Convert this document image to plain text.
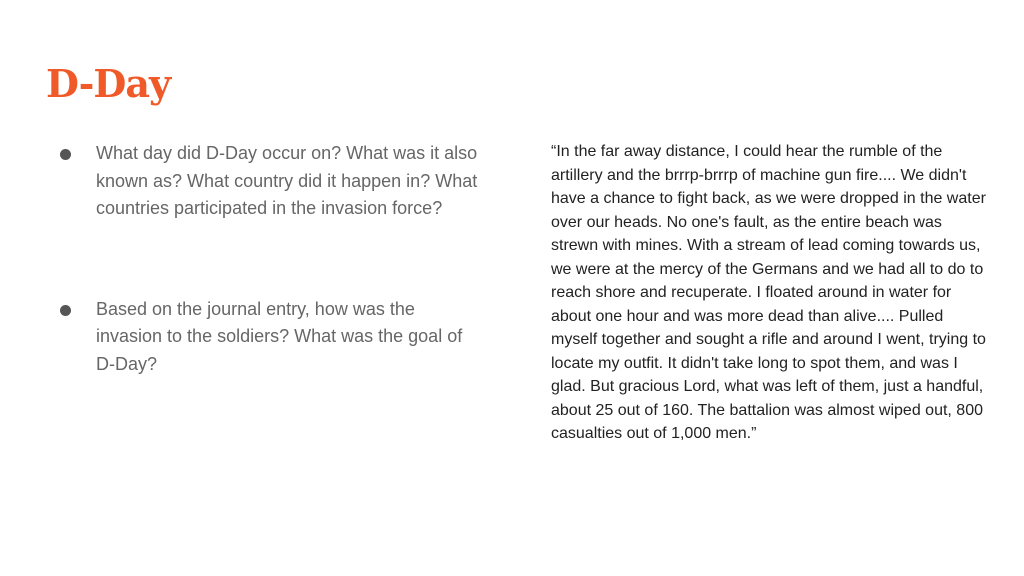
D-Day
What day did D-Day occur on? What was it also known as? What country did it happen in? What countries participated in the invasion force?
Based on the journal entry, how was the invasion to the soldiers? What was the goal of D-Day?

“In the far away distance, I could hear the rumble of the artillery and the brrrp-brrrp of machine gun fire.... We didn't have a chance to fight back, as we were dropped in the water over our heads. No one's fault, as the entire beach was strewn with mines. With a stream of lead coming towards us, we were at the mercy of the Germans and we had all to do to reach shore and recuperate. I floated around in water for about one hour and was more dead than alive.... Pulled myself together and sought a rifle and around I went, trying to locate my outfit. It didn't take long to spot them, and was I glad. But gracious Lord, what was left of them, just a handful, about 25 out of 160. The battalion was almost wiped out, 800 casualties out of 1,000 men.”
